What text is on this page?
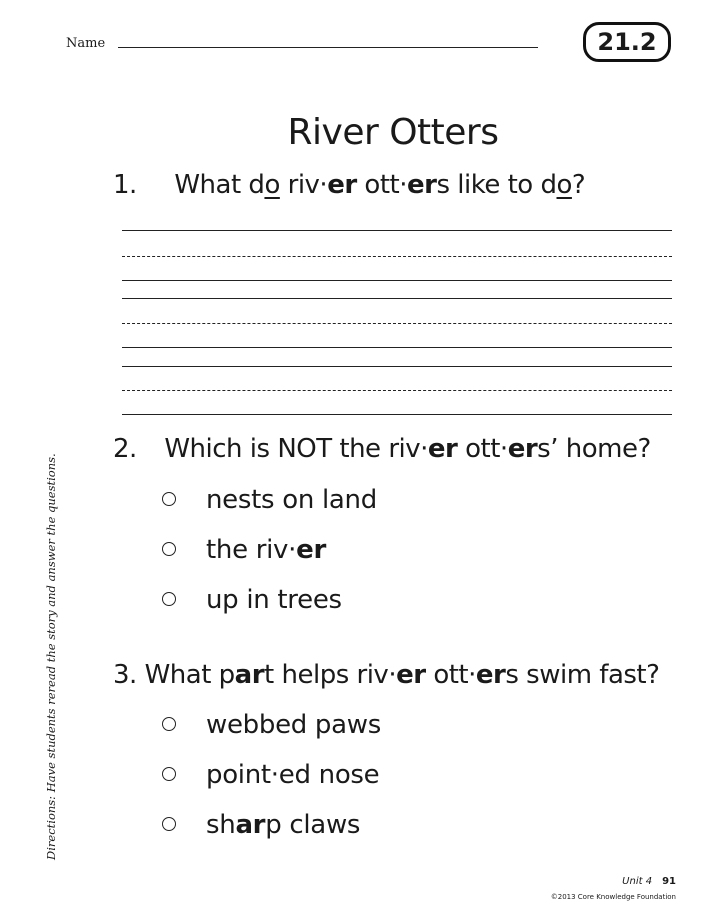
Name	21.2
River Otters
1. What do riv·er ott·ers like to do?
2. Which is NOT the riv·er ott·ers’ home?
nests on land
the riv·er
up in trees
3. What part helps riv·er ott·ers swim fast?
webbed paws
point·ed nose
sharp claws
Directions: Have students reread the story and answer the questions.
Unit 4 91
©2013 Core Knowledge Foundation
